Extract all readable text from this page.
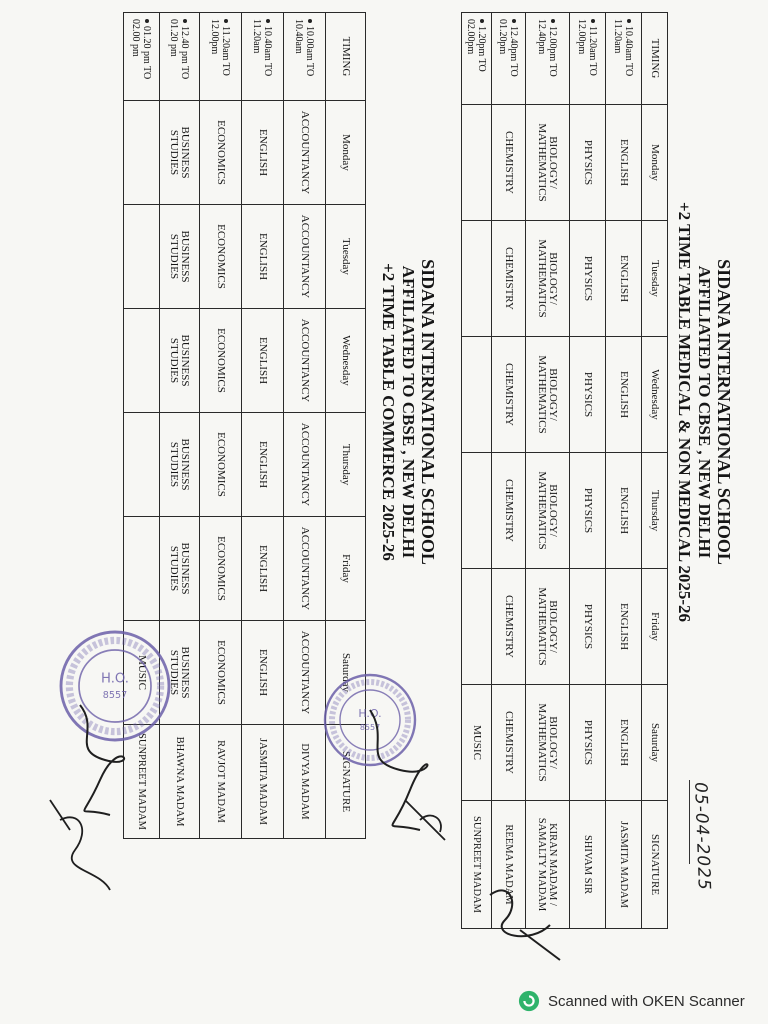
SIDANA INTERNATIONAL SCHOOL
AFFILIATED TO CBSE , NEW DELHI
+2 TIME TABLE MEDICAL & NON MEDICAL 2025-26
05-04-2025
TIMING	Monday	Tuesday	Wednesday	Thursday	Friday	Saturday	SIGNATURE
10.40am TO 11.20am	ENGLISH	ENGLISH	ENGLISH	ENGLISH	ENGLISH	ENGLISH	JASMITA MADAM
11.20am TO 12.00pm	PHYSICS	PHYSICS	PHYSICS	PHYSICS	PHYSICS	PHYSICS	SHIVAM SIR
12.00pm TO 12.40pm	BIOLOGY/ MATHEMATICS	BIOLOGY/ MATHEMATICS	BIOLOGY/ MATHEMATICS	BIOLOGY/ MATHEMATICS	BIOLOGY/ MATHEMATICS	BIOLOGY/ MATHEMATICS	KIRAN MADAM / SAMALTY MADAM
12.40pm TO 01.20pm	CHEMISTRY	CHEMISTRY	CHEMISTRY	CHEMISTRY	CHEMISTRY	CHEMISTRY	REEMA MADAM
1.20pm TO 02.00pm						MUSIC	SUNPREET MADAM
SIDANA INTERNATIONAL SCHOOL
AFFILIATED TO CBSE , NEW DELHI
+2 TIME TABLE COMMERCE 2025-26
TIMING	Monday	Tuesday	Wednesday	Thursday	Friday	Saturday	SIGNATURE
10.00am TO 10.40am	ACCOUNTANCY	ACCOUNTANCY	ACCOUNTANCY	ACCOUNTANCY	ACCOUNTANCY	ACCOUNTANCY	DIVYA MADAM
10.40am TO 11.20am	ENGLISH	ENGLISH	ENGLISH	ENGLISH	ENGLISH	ENGLISH	JASMITA MADAM
11.20am TO 12.00pm	ECONOMICS	ECONOMICS	ECONOMICS	ECONOMICS	ECONOMICS	ECONOMICS	RAVJOT MADAM
12.40 pm TO 01.20 pm	BUSINESS STUDIES	BUSINESS STUDIES	BUSINESS STUDIES	BUSINESS STUDIES	BUSINESS STUDIES	BUSINESS STUDIES	BHAWNA MADAM
01.20 pm TO 02.00 pm						MUSIC	SUNPREET MADAM
H.O.
8557
H.O.
8557
Scanned with OKEN Scanner
